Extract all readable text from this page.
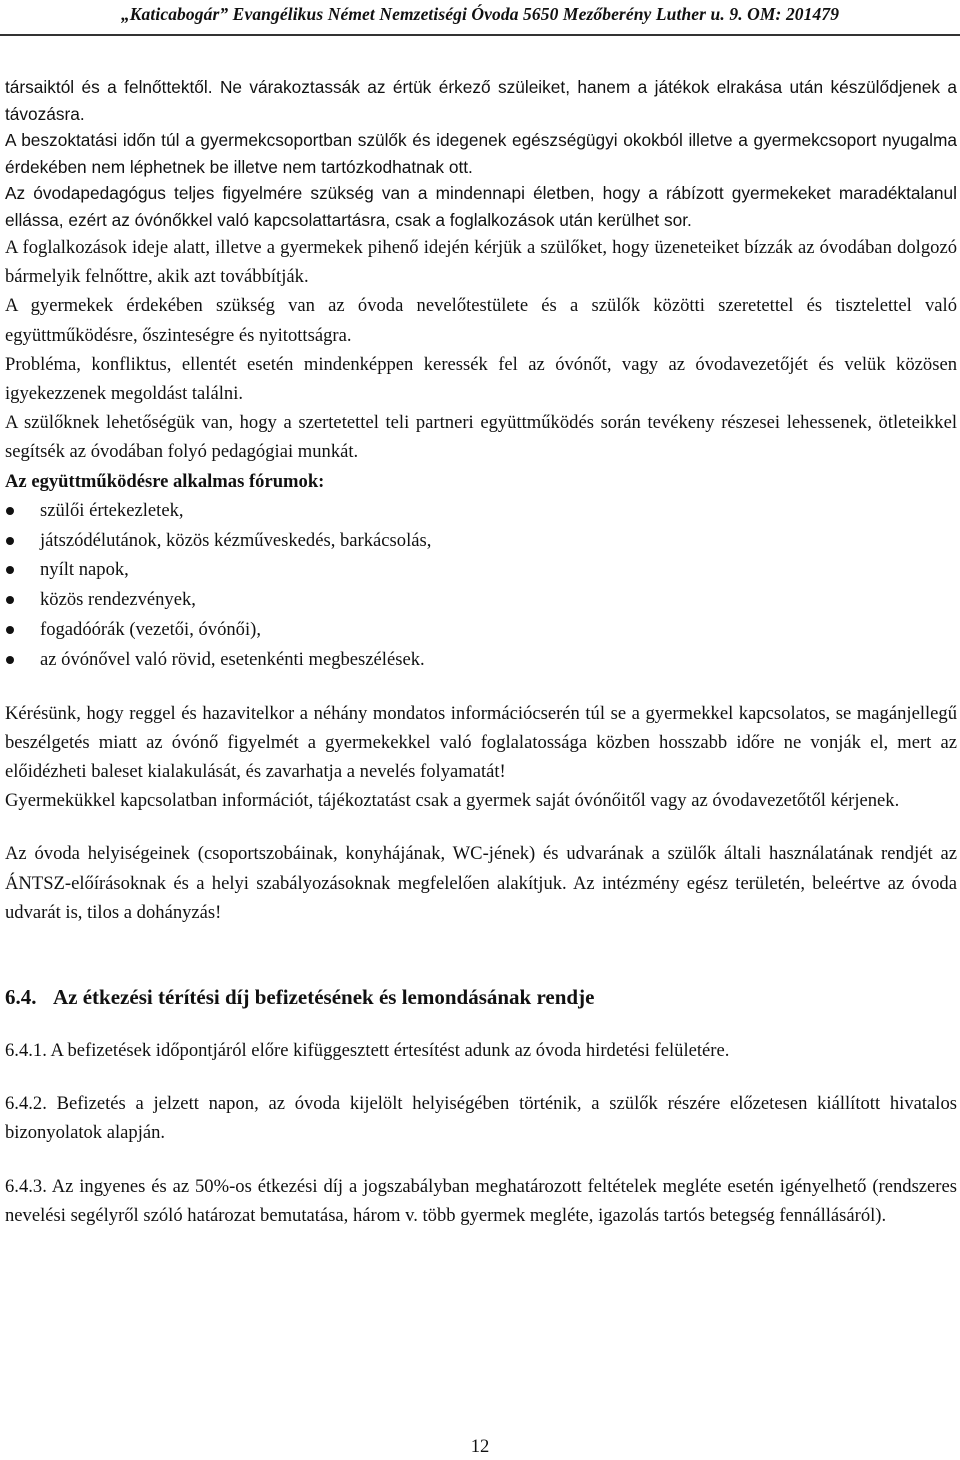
„Katicabogár” Evangélikus Német Nemzetiségi Óvoda 5650 Mezőberény Luther u. 9. OM: 201479

társaiktól és a felnőttektől. Ne várakoztassák az értük érkező szüleiket, hanem a játékok elrakása után készülődjenek a távozásra.

A beszoktatási időn túl a gyermekcsoportban szülők és idegenek egészségügyi okokból illetve a gyermekcsoport nyugalma érdekében nem léphetnek be illetve nem tartózkodhatnak ott.

Az óvodapedagógus teljes figyelmére szükség van a mindennapi életben, hogy a rábízott gyermekeket maradéktalanul ellássa, ezért az óvónőkkel való kapcsolattartásra, csak a foglalkozások után kerülhet sor.

A foglalkozások ideje alatt, illetve a gyermekek pihenő idején kérjük a szülőket, hogy üzeneteiket bízzák az óvodában dolgozó bármelyik felnőttre, akik azt továbbítják.

A gyermekek érdekében szükség van az óvoda nevelőtestülete és a szülők közötti szeretettel és tisztelettel való együttműködésre, őszinteségre és nyitottságra.

Probléma, konfliktus, ellentét esetén mindenképpen keressék fel az óvónőt, vagy az óvodavezetőjét és velük közösen igyekezzenek megoldást találni.

A szülőknek lehetőségük van, hogy a szertetettel teli partneri együttműködés során tevékeny részesei lehessenek, ötleteikkel segítsék az óvodában folyó pedagógiai munkát.

Az együttműködésre alkalmas fórumok:

szülői értekezletek,
játszódélutánok, közös kézműveskedés, barkácsolás,
nyílt napok,
közös rendezvények,
fogadóórák (vezetői, óvónői),
az óvónővel való rövid, esetenkénti megbeszélések.

Kérésünk, hogy reggel és hazavitelkor a néhány mondatos információcserén túl se a gyermekkel kapcsolatos, se magánjellegű beszélgetés miatt az óvónő figyelmét a gyermekekkel való foglalatossága közben hosszabb időre ne vonják el, mert az előidézheti baleset kialakulását, és zavarhatja a nevelés folyamatát!

Gyermekükkel kapcsolatban információt, tájékoztatást csak a gyermek saját óvónőitől vagy az óvodavezetőtől kérjenek.

Az óvoda helyiségeinek (csoportszobáinak, konyhájának, WC-jének) és udvarának a szülők általi használatának rendjét az ÁNTSZ-előírásoknak és a helyi szabályozásoknak megfelelően alakítjuk. Az intézmény egész területén, beleértve az óvoda udvarát is, tilos a dohányzás!

6.4. Az étkezési térítési díj befizetésének és lemondásának rendje

6.4.1. A befizetések időpontjáról előre kifüggesztett értesítést adunk az óvoda hirdetési felületére.

6.4.2. Befizetés a jelzett napon, az óvoda kijelölt helyiségében történik, a szülők részére előzetesen kiállított hivatalos bizonyolatok alapján.

6.4.3. Az ingyenes és az 50%-os étkezési díj a jogszabályban meghatározott feltételek megléte esetén igényelhető (rendszeres nevelési segélyről szóló határozat bemutatása, három v. több gyermek megléte, igazolás tartós betegség fennállásáról).

12
